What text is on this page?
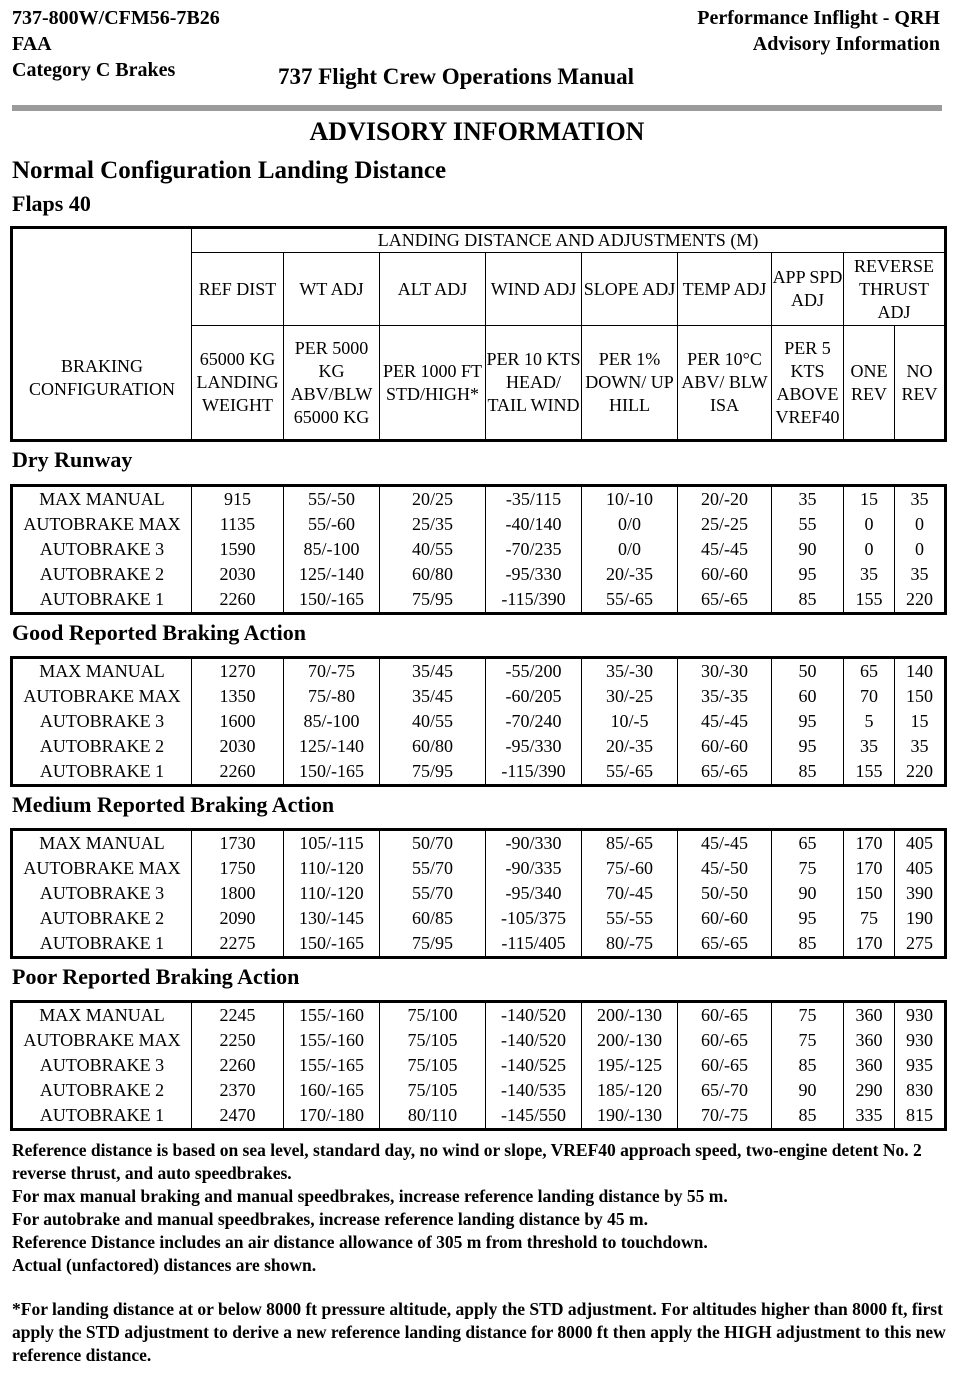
737-800W/CFM56-7B26
FAA
Category C Brakes
Performance Inflight - QRH
Advisory Information
737 Flight Crew Operations Manual
ADVISORY INFORMATION
Normal Configuration Landing Distance
Flaps 40
	LANDING DISTANCE AND ADJUSTMENTS (M)								
	REF DIST	WT ADJ	ALT ADJ	WIND ADJ	SLOPE ADJ	TEMP ADJ	APP SPD ADJ	REVERSE THRUST ADJ	
	65000 KG LANDING WEIGHT	PER 5000 KG ABV/BLW 65000 KG	PER 1000 FT STD/HIGH*	PER 10 KTS HEAD/ TAIL WIND	PER 1% DOWN/ UP HILL	PER 10°C ABV/ BLW ISA	PER 5 KTS ABOVE VREF40	ONE REV	NO REV
BRAKING CONFIGURATION
Dry Runway
MAX MANUAL	915	55/-50	20/25	-35/115	10/-10	20/-20	35	15	35
AUTOBRAKE MAX	1135	55/-60	25/35	-40/140	0/0	25/-25	55	0	0
AUTOBRAKE 3	1590	85/-100	40/55	-70/235	0/0	45/-45	90	0	0
AUTOBRAKE 2	2030	125/-140	60/80	-95/330	20/-35	60/-60	95	35	35
AUTOBRAKE 1	2260	150/-165	75/95	-115/390	55/-65	65/-65	85	155	220
Good Reported Braking Action
MAX MANUAL	1270	70/-75	35/45	-55/200	35/-30	30/-30	50	65	140
AUTOBRAKE MAX	1350	75/-80	35/45	-60/205	30/-25	35/-35	60	70	150
AUTOBRAKE 3	1600	85/-100	40/55	-70/240	10/-5	45/-45	95	5	15
AUTOBRAKE 2	2030	125/-140	60/80	-95/330	20/-35	60/-60	95	35	35
AUTOBRAKE 1	2260	150/-165	75/95	-115/390	55/-65	65/-65	85	155	220
Medium Reported Braking Action
MAX MANUAL	1730	105/-115	50/70	-90/330	85/-65	45/-45	65	170	405
AUTOBRAKE MAX	1750	110/-120	55/70	-90/335	75/-60	45/-50	75	170	405
AUTOBRAKE 3	1800	110/-120	55/70	-95/340	70/-45	50/-50	90	150	390
AUTOBRAKE 2	2090	130/-145	60/85	-105/375	55/-55	60/-60	95	75	190
AUTOBRAKE 1	2275	150/-165	75/95	-115/405	80/-75	65/-65	85	170	275
Poor Reported Braking Action
MAX MANUAL	2245	155/-160	75/100	-140/520	200/-130	60/-65	75	360	930
AUTOBRAKE MAX	2250	155/-160	75/105	-140/520	200/-130	60/-65	75	360	930
AUTOBRAKE 3	2260	155/-165	75/105	-140/525	195/-125	60/-65	85	360	935
AUTOBRAKE 2	2370	160/-165	75/105	-140/535	185/-120	65/-70	90	290	830
AUTOBRAKE 1	2470	170/-180	80/110	-145/550	190/-130	70/-75	85	335	815
Reference distance is based on sea level, standard day, no wind or slope, VREF40 approach speed, two-engine detent No. 2 reverse thrust, and auto speedbrakes.
For max manual braking and manual speedbrakes, increase reference landing distance by 55 m.
For autobrake and manual speedbrakes, increase reference landing distance by 45 m.
Reference Distance includes an air distance allowance of 305 m from threshold to touchdown.
Actual (unfactored) distances are shown.
*For landing distance at or below 8000 ft pressure altitude, apply the STD adjustment. For altitudes higher than 8000 ft, first apply the STD adjustment to derive a new reference landing distance for 8000 ft then apply the HIGH adjustment to this new reference distance.
